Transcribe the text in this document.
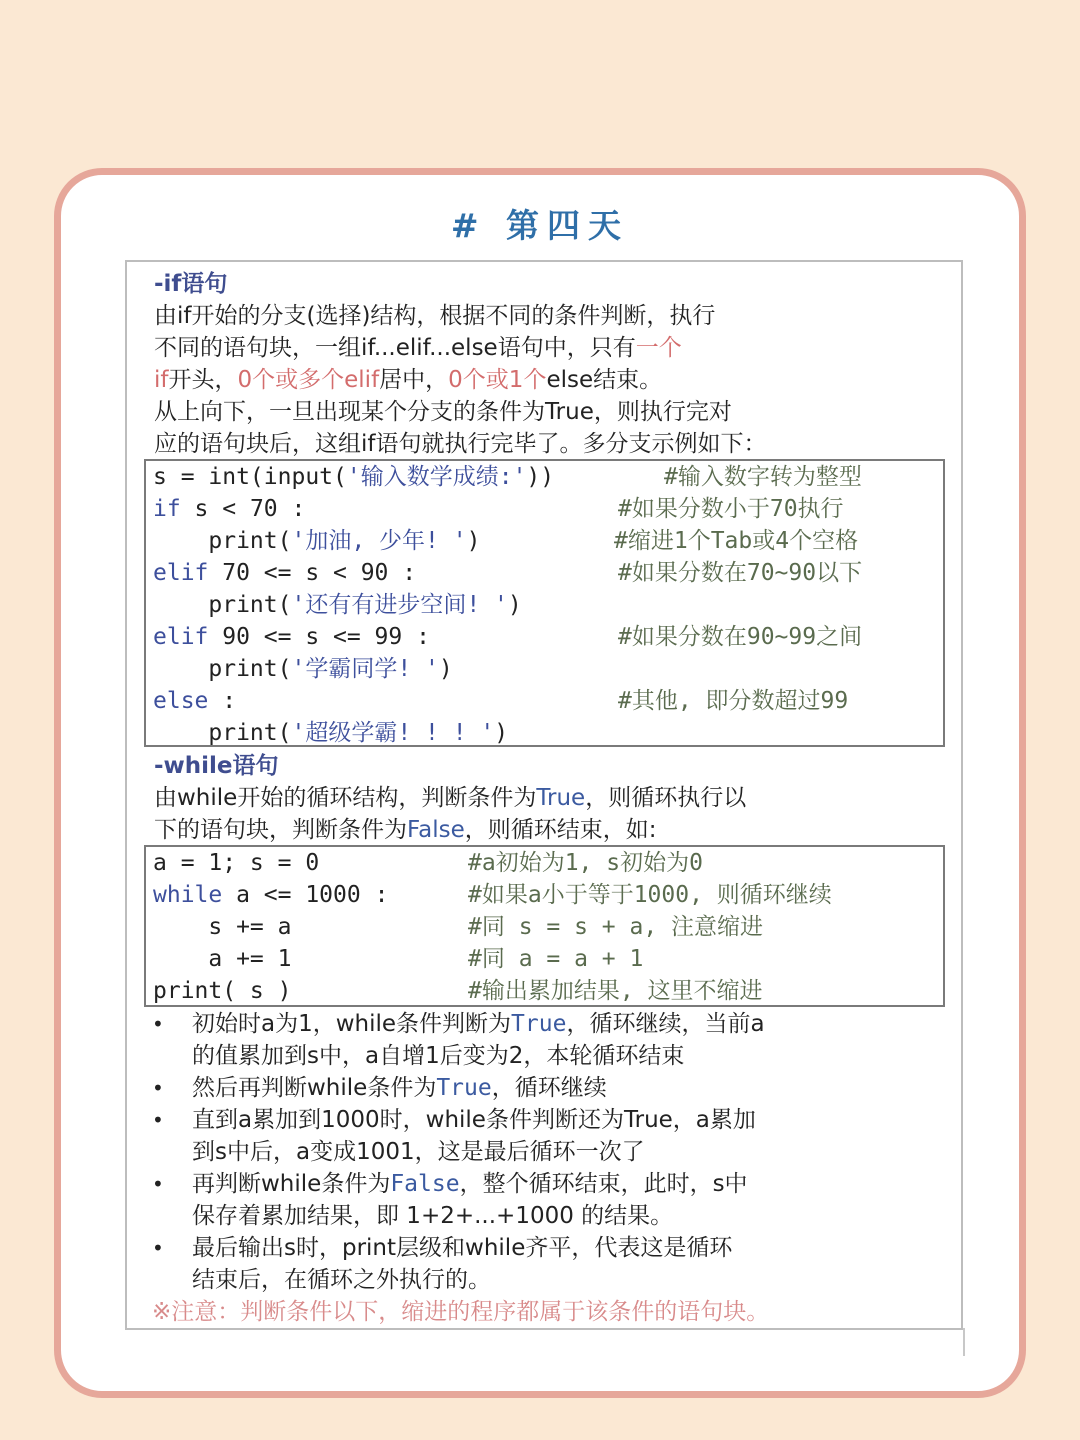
# 第四天
-if语句
由if开始的分支(选择)结构，根据不同的条件判断，执行
不同的语句块，一组if...elif...else语句中，只有一个
if开头，0个或多个elif居中，0个或1个else结束。
从上向下，一旦出现某个分支的条件为True，则执行完对
应的语句块后，这组if语句就执行完毕了。多分支示例如下：
s = int(input('输入数学成绩:'))	#输入数字转为整型
if s < 70 :	#如果分数小于70执行
print('加油, 少年! ')	#缩进1个Tab或4个空格
elif 70 <= s < 90 :	#如果分数在70~90以下
print('还有有进步空间! ')
elif 90 <= s <= 99 :	#如果分数在90~99之间
print('学霸同学! ')
else :	#其他, 即分数超过99
print('超级学霸! ! ! ')
-while语句
由while开始的循环结构，判断条件为True，则循环执行以
下的语句块，判断条件为False，则循环结束，如:
a = 1; s = 0	#a初始为1, s初始为0
while a <= 1000 :	#如果a小于等于1000, 则循环继续
s += a	#同 s = s + a, 注意缩进
a += 1	#同 a = a + 1
print( s )	#输出累加结果, 这里不缩进
• 初始时a为1，while条件判断为True，循环继续，当前a
的值累加到s中，a自增1后变为2，本轮循环结束
• 然后再判断while条件为True，循环继续
• 直到a累加到1000时，while条件判断还为True，a累加
到s中后，a变成1001，这是最后循环一次了
• 再判断while条件为False，整个循环结束，此时，s中
保存着累加结果，即 1+2+...+1000 的结果。
• 最后输出s时，print层级和while齐平，代表这是循环
结束后，在循环之外执行的。
※注意：判断条件以下，缩进的程序都属于该条件的语句块。
